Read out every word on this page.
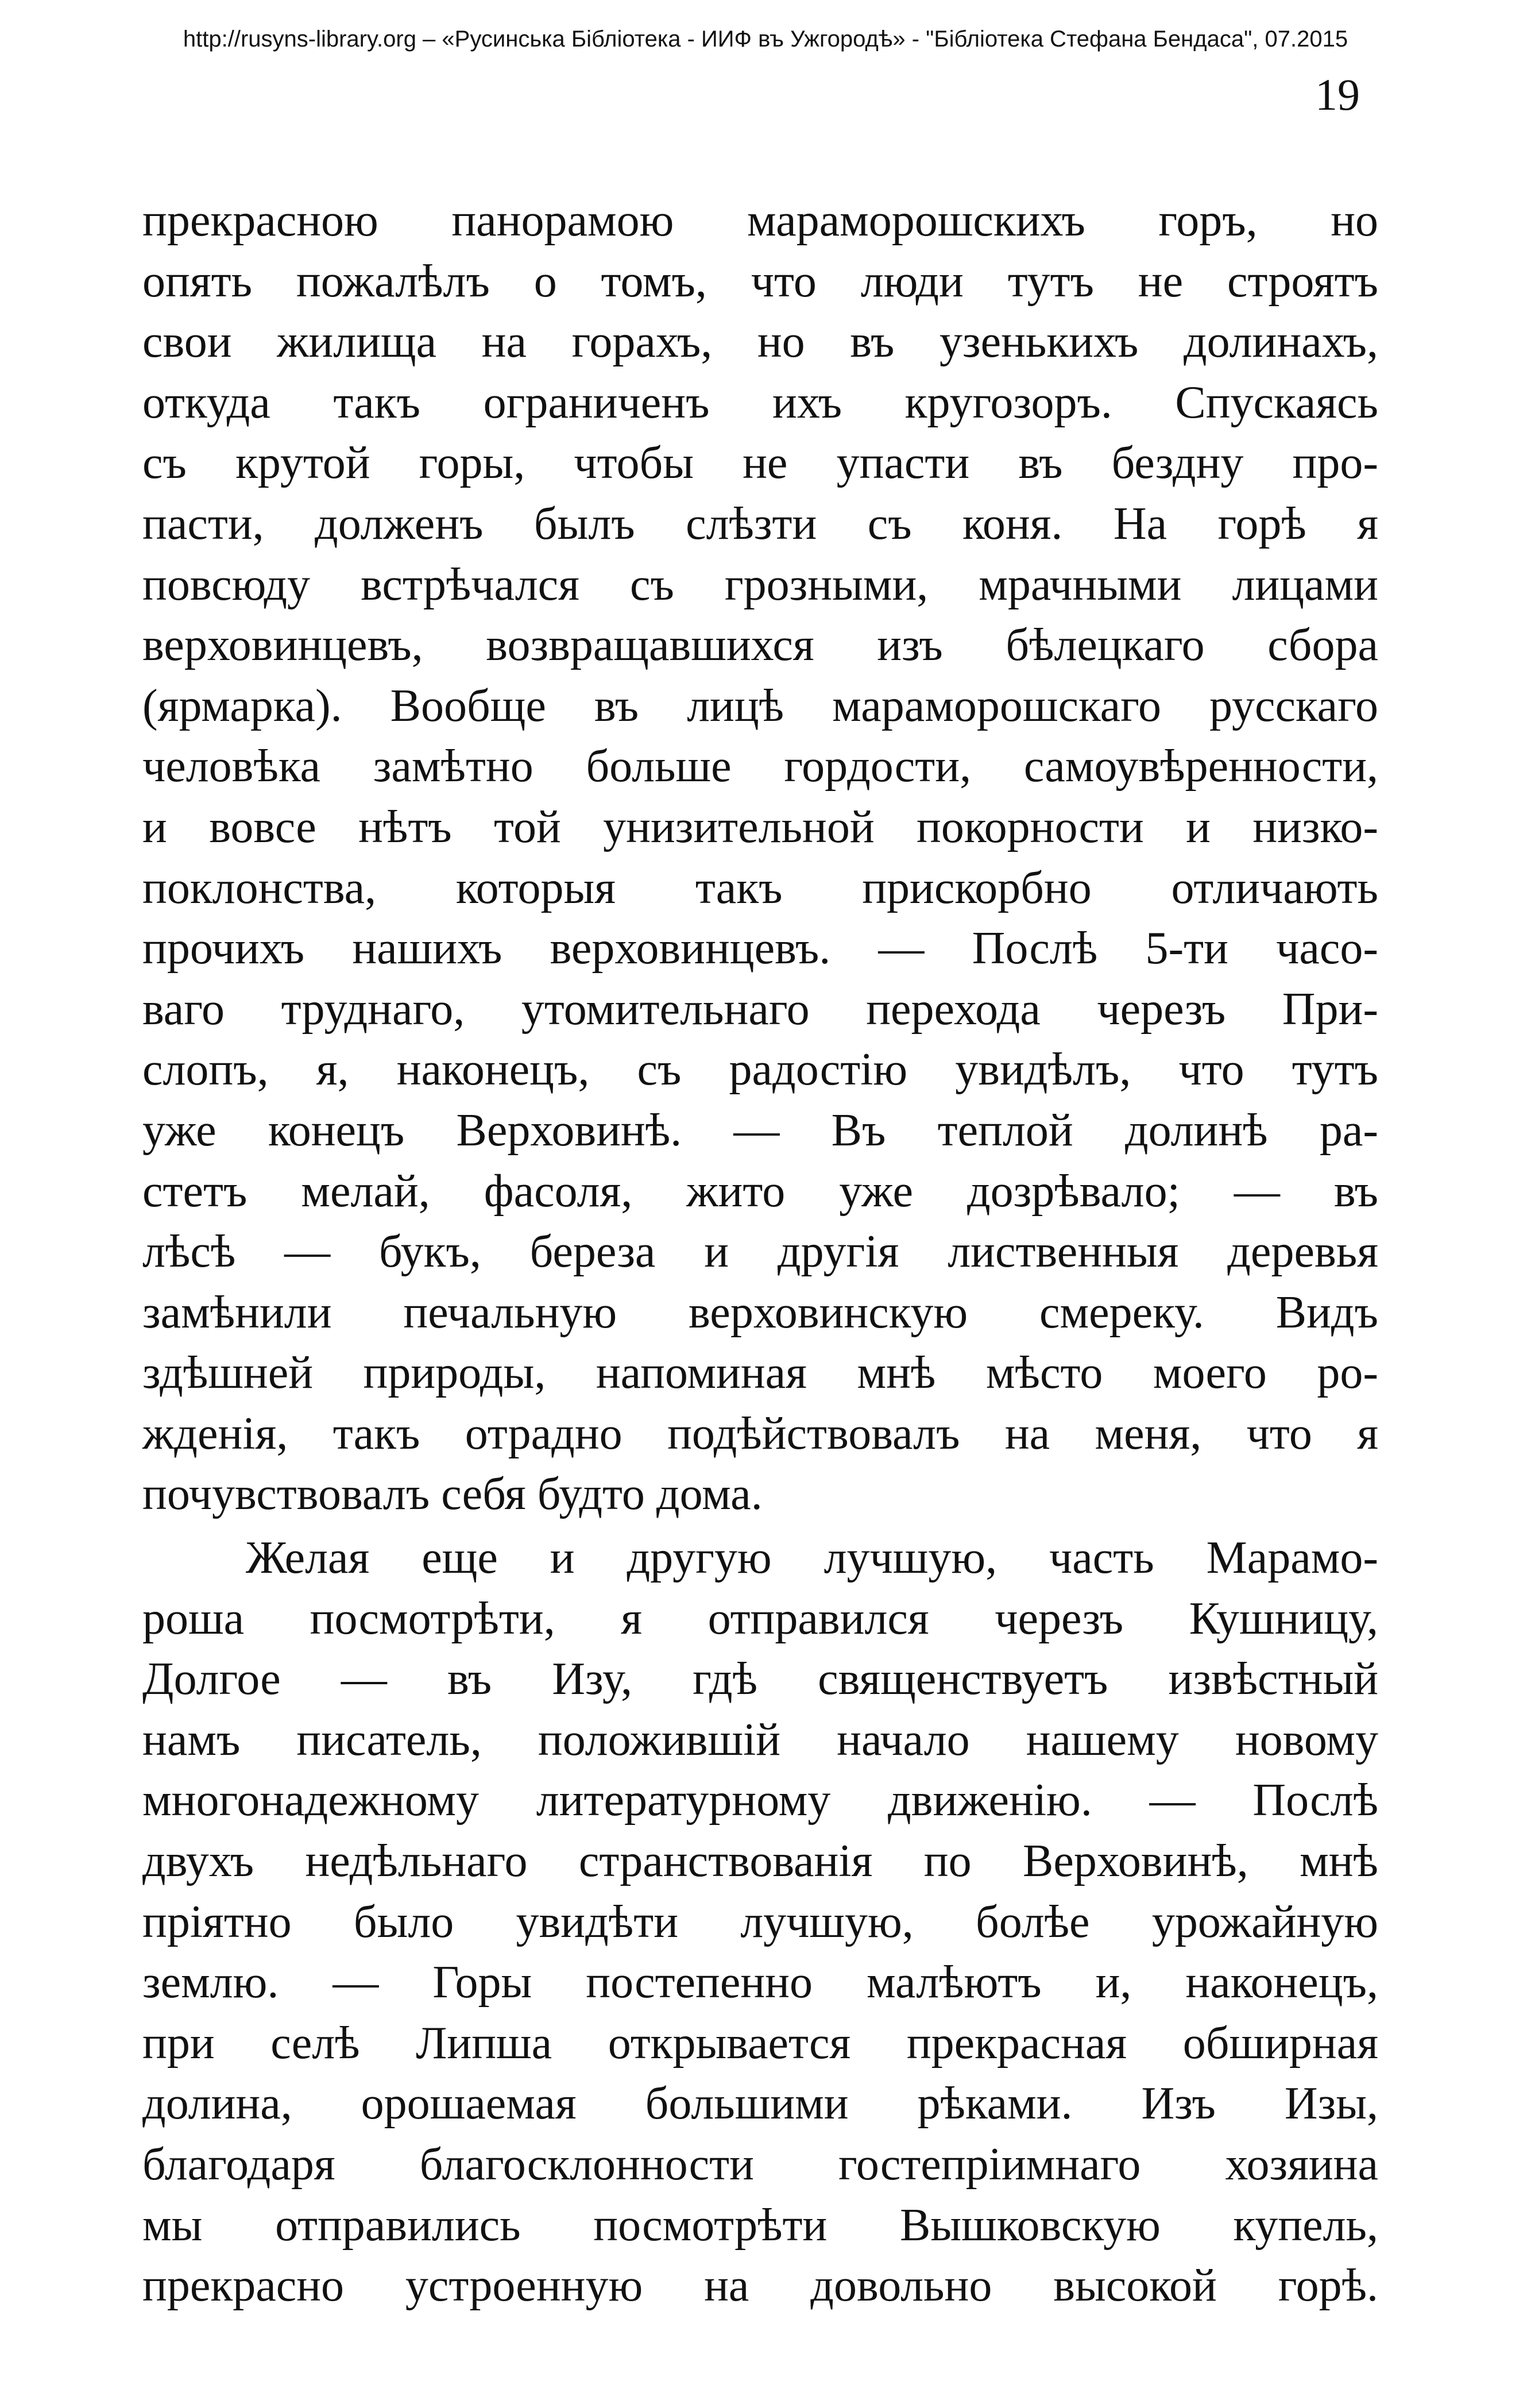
http://rusyns-library.org – «Русинська Бібліотека - ИИФ въ Ужгородѣ» - "Бібліотека Стефана Бендаса", 07.2015
19
прекрасною панорамою мараморошскихъ горъ, но
опять пожалѣлъ о томъ, что люди тутъ не строятъ
свои жилища на горахъ, но въ узенькихъ долинахъ,
откуда такъ ограниченъ ихъ кругозоръ. Спускаясь
съ крутой горы, чтобы не упасти въ бездну про-
пасти, долженъ былъ слѣзти съ коня. На горѣ я
повсюду встрѣчался съ грозными, мрачными лицами
верховинцевъ, возвращавшихся изъ бѣлецкаго сбора
(ярмарка). Вообще въ лицѣ мараморошскаго русскаго
человѣка замѣтно больше гордости, самоувѣренности,
и вовсе нѣтъ той унизительной покорности и низко-
поклонства, которыя такъ прискорбно отличають
прочихъ нашихъ верховинцевъ. — Послѣ 5-ти часо-
ваго труднаго, утомительнаго перехода черезъ При-
слопъ, я, наконецъ, съ радостію увидѣлъ, что тутъ
уже конецъ Верховинѣ. — Въ теплой долинѣ ра-
стетъ мелай, фасоля, жито уже дозрѣвало; — въ
лѣсѣ — букъ, береза и другія лиственныя деревья
замѣнили печальную верховинскую смереку. Видъ
здѣшней природы, напоминая мнѣ мѣсто моего ро-
жденія, такъ отрадно подѣйствовалъ на меня, что я
почувствовалъ себя будто дома.
Желая еще и другую лучшую, часть Марамо-
роша посмотрѣти, я отправился черезъ Кушницу,
Долгое — въ Изу, гдѣ священствуетъ извѣстный
намъ писатель, положившій начало нашему новому
многонадежному литературному движенію. — Послѣ
двухъ недѣльнаго странствованія по Верховинѣ, мнѣ
пріятно было увидѣти лучшую, болѣе урожайную
землю. — Горы постепенно малѣютъ и, наконецъ,
при селѣ Липша открывается прекрасная обширная
долина, орошаемая большими рѣками. Изъ Изы,
благодаря благосклонности гостепріимнаго хозяина
мы отправились посмотрѣти Вышковскую купель,
прекрасно устроенную на довольно высокой горѣ.
